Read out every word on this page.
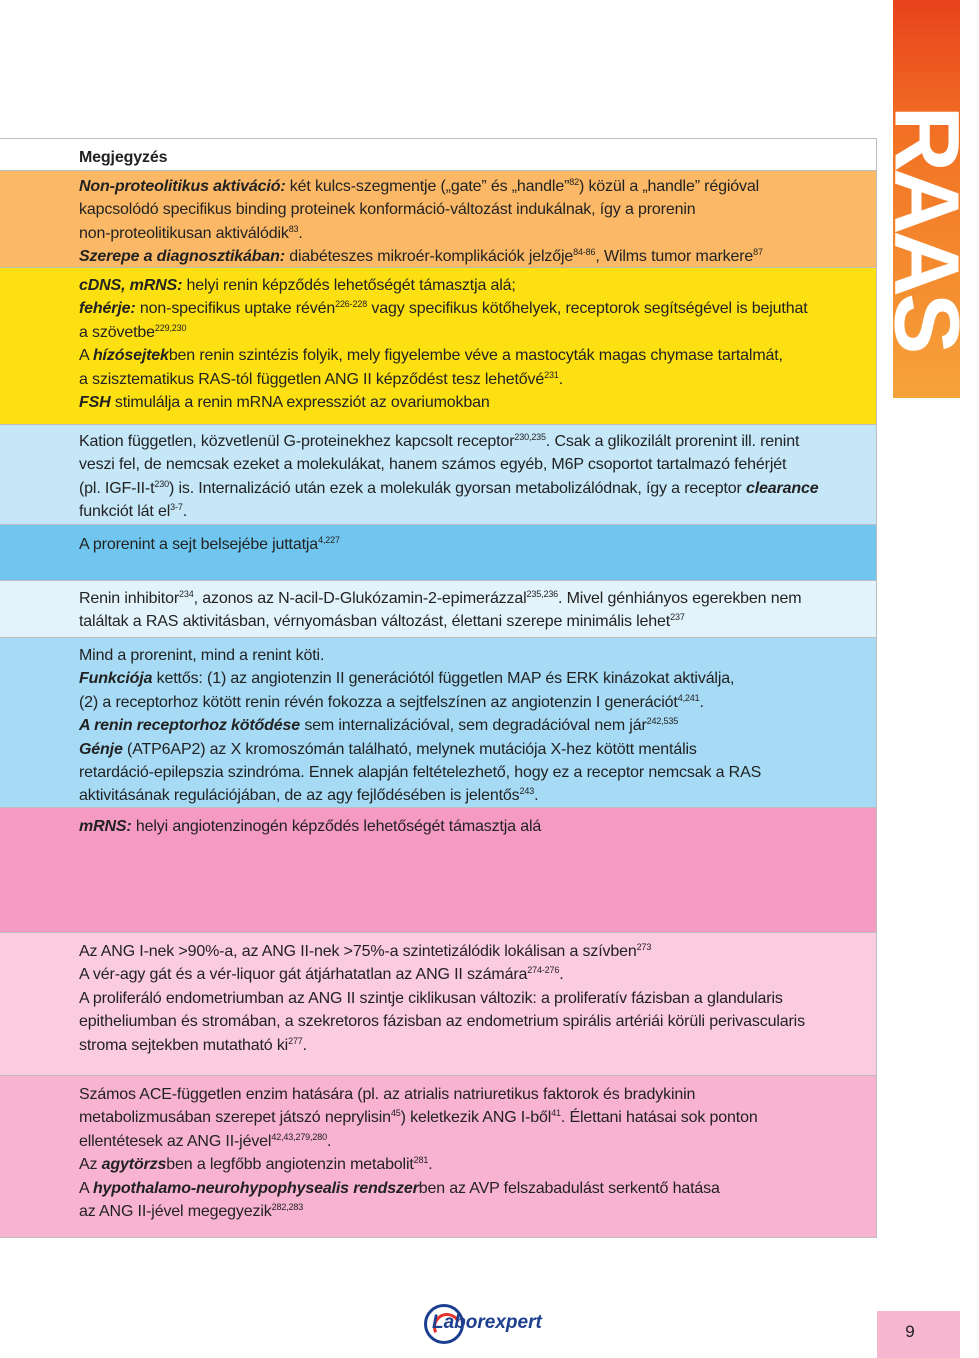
Megjegyzés

Non-proteolitikus aktiváció: két kulcs-szegmentje („gate” és „handle”$^{82}$) közül a „handle” régióval

kapcsolódó specifikus binding proteinek konformáció-változást indukálnak, így a prorenin

non-proteolitikusan aktiválódik$^{83}$.

Szerepe a diagnosztikában: diabéteszes mikroér-komplikációk jelzője$^{84-86}$, Wilms tumor markere$^{87}$

cDNS, mRNS: helyi renin képződés lehetőségét támasztja alá;

fehérje: non-specifikus uptake révén$^{226-228}$ vagy specifikus kötőhelyek, receptorok segítségével is bejuthat

a szövetbe$^{229,230}$

A hízósejtekben renin szintézis folyik, mely figyelembe véve a mastocyták magas chymase tartalmát,

a szisztematikus RAS-tól független ANG II képződést tesz lehetővé$^{231}$.

FSH stimulálja a renin mRNA expressziót az ovariumokban

Kation független, közvetlenül G-proteinekhez kapcsolt receptor$^{230,235}$. Csak a glikozilált prorenint ill. renint

veszi fel, de nemcsak ezeket a molekulákat, hanem számos egyéb, M6P csoportot tartalmazó fehérjét

(pl. IGF-$II-t^{230}$) is. Internalizáció után ezek a molekulák gyorsan metabolizálódnak, így a receptor clearance

funkciót lát $el^{3-7}$.

A prorenint a sejt belsejébe juttatja$^{4,227}$

Renin inhibitor$^{234}$, azonos az N-acil-D-Glukózamin-2-epimerázzal$^{235,236}$. Mivel génhiányos egerekben nem

találtak a RAS aktivitásban, vérnyomásban változást, élettani szerepe minimális lehet$^{237}$

Mind a prorenint, mind a renint köti.

Funkciója kettős: (1) az angiotenzin II generációtól független MAP és ERK kinázokat aktiválja,

(2) a receptorhoz kötött renin révén fokozza a sejtfelszínen az angiotenzin I generációt$^{4,241}$.

A renin receptorhoz kötődése sem internalizációval, sem degradációval nem jár$^{242,535}$

Génje (ATP6AP2) az X kromoszómán található, melynek mutációja X-hez kötött mentális

retardáció-epilepszia szindróma. Ennek alapján feltételezhető, hogy ez a receptor nemcsak a RAS

aktivitásának regulációjában, de az agy fejlődésében is jelentős$^{243}$.

mRNS: helyi angiotenzinogén képződés lehetőségét támasztja alá

Az ANG I-nek >90%-a, az ANG II-nek >75%-a szintetizálódik lokálisan a szívben$^{273}$

A vér-agy gát és a vér-liquor gát átjárhatatlan az ANG II számára$^{274-276}$.

A proliferáló endometriumban az ANG II szintje ciklikusan változik: a proliferatív fázisban a glandularis

epitheliumban és stromában, a szekretoros fázisban az endometrium spirális artériái körüli perivascularis

stroma sejtekben mutatható $ki^{277}$.

Számos ACE-független enzim hatására (pl. az atrialis natriuretikus faktorok és bradykinin

metabolizmusában szerepet játszó neprylisin$^{45}$) keletkezik ANG I-ből$^{41}$. Élettani hatásai sok ponton

ellentétesek az ANG II-jével$^{42,43,279,280}$.

Az agytörzsben a legfőbb angiotenzin metabolit$^{281}$.

A hypothalamo-neurohypophysealis rendszerben az AVP felszabadulást serkentő hatása

az ANG II-jével megegyezik$^{282,283}$

RAAS
Laborexpert	9
